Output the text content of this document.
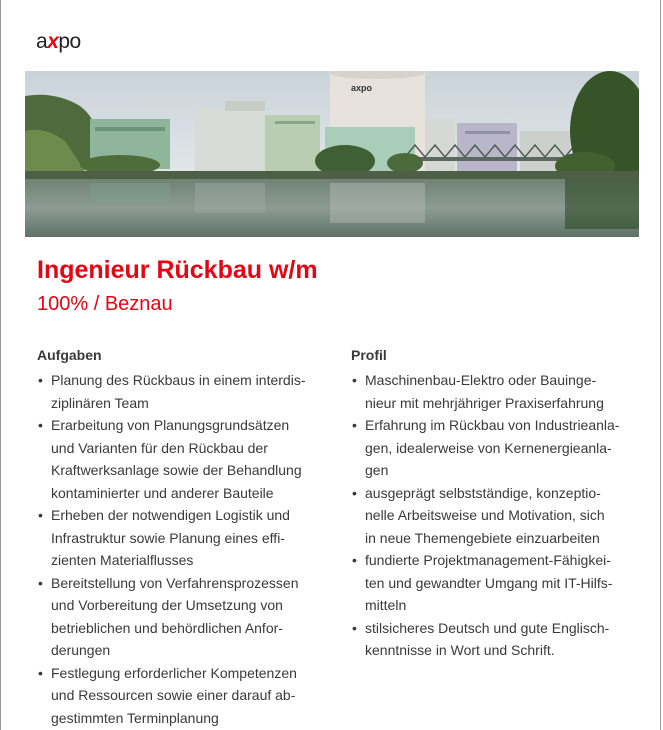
axpo
axpo
Ingenieur Rückbau w/m
100% / Beznau
Aufgaben
• Planung des Rückbaus in einem interdis-
ziplinären Team
• Erarbeitung von Planungsgrundsätzen
und Varianten für den Rückbau der
Kraftwerksanlage sowie der Behandlung
kontaminierter und anderer Bauteile
• Erheben der notwendigen Logistik und
Infrastruktur sowie Planung eines effi-
zienten Materialflusses
• Bereitstellung von Verfahrensprozessen
und Vorbereitung der Umsetzung von
betrieblichen und behördlichen Anfor-
derungen
• Festlegung erforderlicher Kompetenzen
und Ressourcen sowie einer darauf ab-
gestimmten Terminplanung
Profil
• Maschinenbau-Elektro oder Bauinge-
nieur mit mehrjähriger Praxiserfahrung
• Erfahrung im Rückbau von Industrieanla-
gen, idealerweise von Kernenergieanla-
gen
• ausgeprägt selbstständige, konzeptio-
nelle Arbeitsweise und Motivation, sich
in neue Themengebiete einzuarbeiten
• fundierte Projektmanagement-Fähigkei-
ten und gewandter Umgang mit IT-Hilfs-
mitteln
• stilsicheres Deutsch und gute Englisch-
kenntnisse in Wort und Schrift.
